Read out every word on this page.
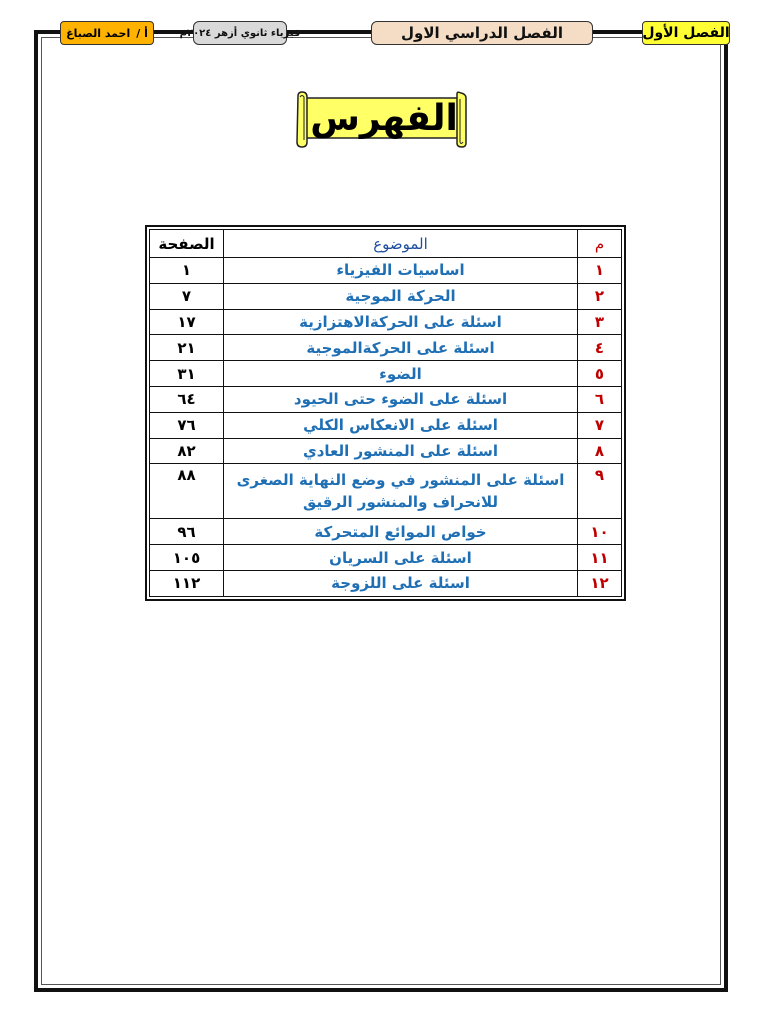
الفصل الأول
الفصل الدراسي الاول
فيزياء ثانوي أزهر ٢٠٢٤م
أ /
احمد الصباغ
الفهرس
م	الموضوع	الصفحة
١	اساسيات الفيزياء	١
٢	الحركة الموجية	٧
٣	اسئلة على الحركةالاهتزازية	١٧
٤	اسئلة على الحركةالموجية	٢١
٥	الضوء	٣١
٦	اسئلة على الضوء حتى الحيود	٦٤
٧	اسئلة على الانعكاس الكلي	٧٦
٨	اسئلة على المنشور العادي	٨٢
٩	اسئلة على المنشور في وضع النهاية الصغرى للانحراف والمنشور الرقيق	٨٨
١٠	خواص الموائع المتحركة	٩٦
١١	اسئلة على السريان	١٠٥
١٢	اسئلة على اللزوجة	١١٢
